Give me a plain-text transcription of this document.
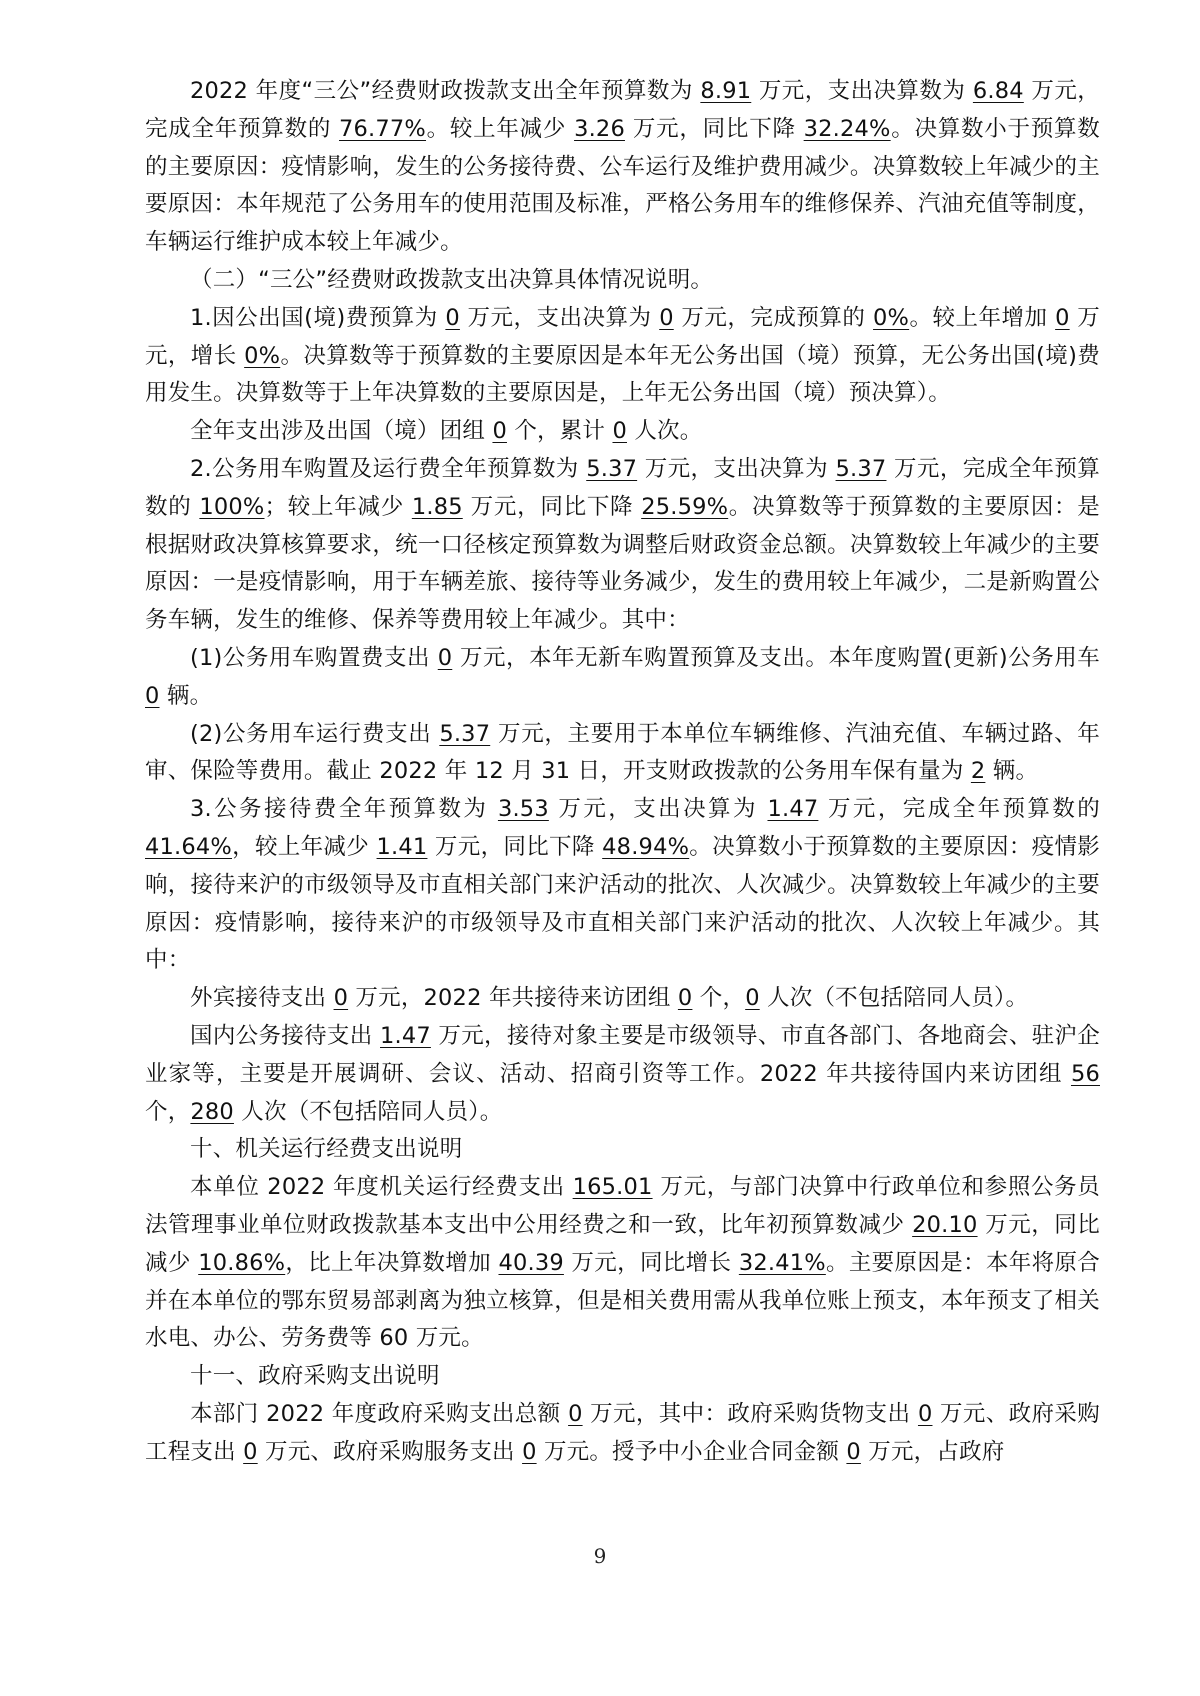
2022 年度“三公”经费财政拨款支出全年预算数为 8.91 万元，支出决算数为 6.84 万元，完成全年预算数的 76.77%。较上年减少 3.26 万元，同比下降 32.24%。决算数小于预算数的主要原因：疫情影响，发生的公务接待费、公车运行及维护费用减少。决算数较上年减少的主要原因：本年规范了公务用车的使用范围及标准，严格公务用车的维修保养、汽油充值等制度，车辆运行维护成本较上年减少。

（二）“三公”经费财政拨款支出决算具体情况说明。

1.因公出国(境)费预算为 0 万元，支出决算为 0 万元，完成预算的 0%。较上年增加 0 万元，增长 0%。决算数等于预算数的主要原因是本年无公务出国（境）预算，无公务出国(境)费用发生。决算数等于上年决算数的主要原因是，上年无公务出国（境）预决算）。

全年支出涉及出国（境）团组 0 个，累计 0 人次。

2.公务用车购置及运行费全年预算数为 5.37 万元，支出决算为 5.37 万元，完成全年预算数的 100%；较上年减少 1.85 万元，同比下降 25.59%。决算数等于预算数的主要原因：是根据财政决算核算要求，统一口径核定预算数为调整后财政资金总额。决算数较上年减少的主要原因：一是疫情影响，用于车辆差旅、接待等业务减少，发生的费用较上年减少，二是新购置公务车辆，发生的维修、保养等费用较上年减少。其中：

(1)公务用车购置费支出 0 万元，本年无新车购置预算及支出。本年度购置(更新)公务用车 0 辆。

(2)公务用车运行费支出 5.37 万元，主要用于本单位车辆维修、汽油充值、车辆过路、年审、保险等费用。截止 2022 年 12 月 31 日，开支财政拨款的公务用车保有量为 2 辆。

3.公务接待费全年预算数为 3.53 万元，支出决算为 1.47 万元，完成全年预算数的 41.64%，较上年减少 1.41 万元，同比下降 48.94%。决算数小于预算数的主要原因：疫情影响，接待来沪的市级领导及市直相关部门来沪活动的批次、人次减少。决算数较上年减少的主要原因：疫情影响，接待来沪的市级领导及市直相关部门来沪活动的批次、人次较上年减少。其中：

外宾接待支出 0 万元，2022 年共接待来访团组 0 个，0 人次（不包括陪同人员）。

国内公务接待支出 1.47 万元，接待对象主要是市级领导、市直各部门、各地商会、驻沪企业家等，主要是开展调研、会议、活动、招商引资等工作。2022 年共接待国内来访团组 56 个，280 人次（不包括陪同人员）。

十、机关运行经费支出说明

本单位 2022 年度机关运行经费支出 165.01 万元，与部门决算中行政单位和参照公务员法管理事业单位财政拨款基本支出中公用经费之和一致，比年初预算数减少 20.10 万元，同比减少 10.86%，比上年决算数增加 40.39 万元，同比增长 32.41%。主要原因是：本年将原合并在本单位的鄂东贸易部剥离为独立核算，但是相关费用需从我单位账上预支，本年预支了相关水电、办公、劳务费等 60 万元。

十一、政府采购支出说明

本部门 2022 年度政府采购支出总额 0 万元，其中：政府采购货物支出 0 万元、政府采购工程支出 0 万元、政府采购服务支出 0 万元。授予中小企业合同金额 0 万元，占政府

9
